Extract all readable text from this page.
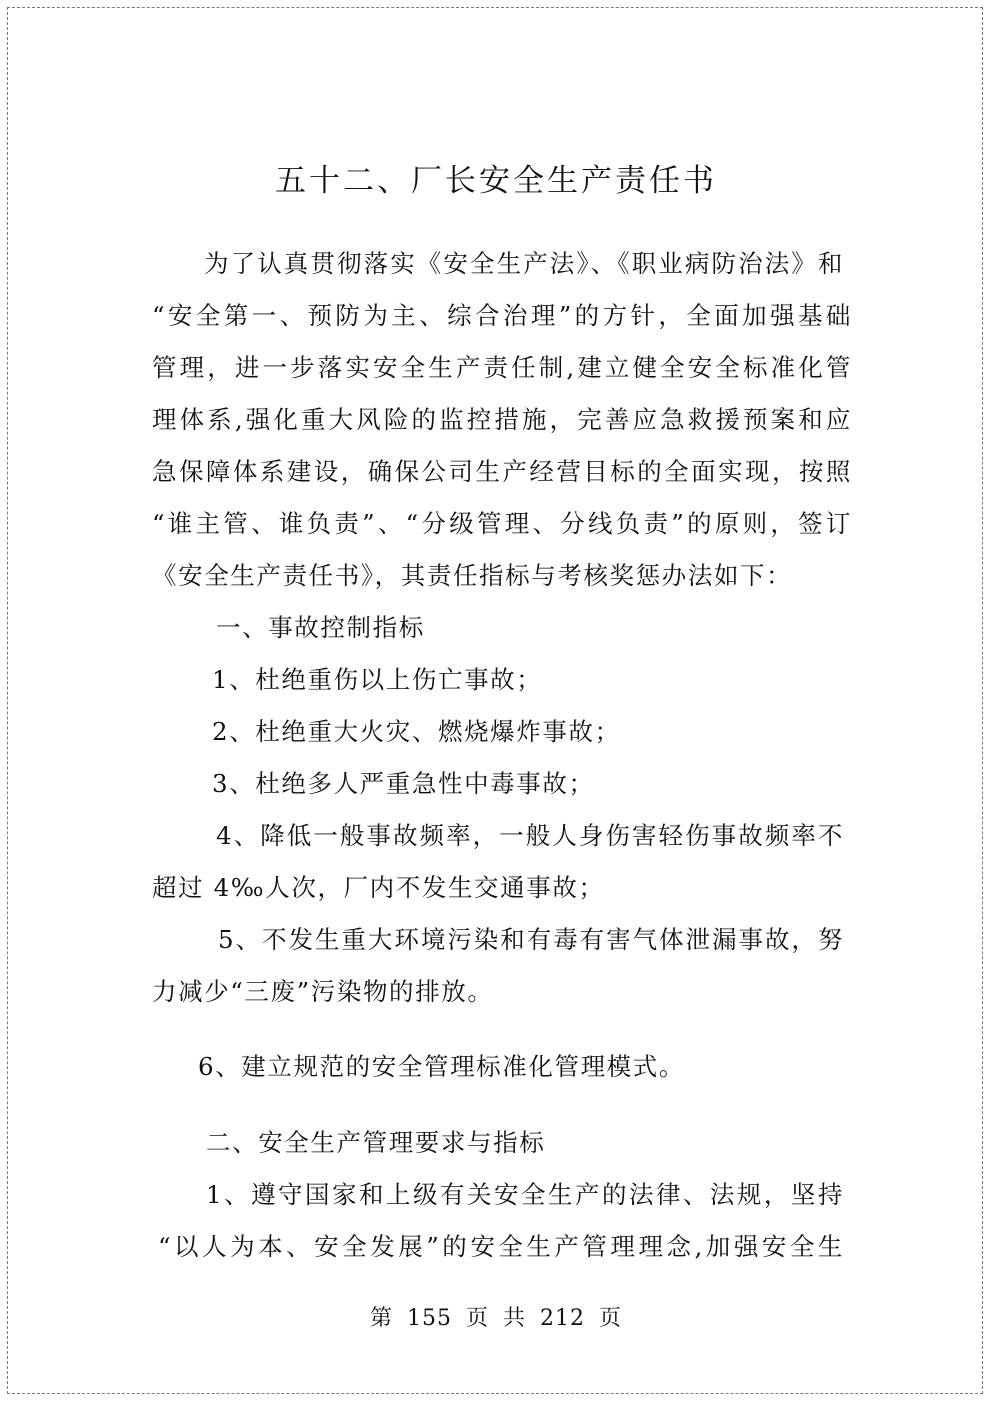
五十二、厂长安全生产责任书
为了认真贯彻落实《安全生产法》、《职业病防治法》和
“安全第一、预防为主、综合治理”的方针，全面加强基础
管理，进一步落实安全生产责任制,建立健全安全标准化管
理体系,强化重大风险的监控措施，完善应急救援预案和应
急保障体系建设，确保公司生产经营目标的全面实现，按照
“谁主管、谁负责”、“分级管理、分线负责”的原则，签订
《安全生产责任书》，其责任指标与考核奖惩办法如下：
一、事故控制指标
1、杜绝重伤以上伤亡事故；
2、杜绝重大火灾、燃烧爆炸事故；
3、杜绝多人严重急性中毒事故；
4、降低一般事故频率，一般人身伤害轻伤事故频率不
超过 4‰人次，厂内不发生交通事故；
5、不发生重大环境污染和有毒有害气体泄漏事故，努
力减少“三废”污染物的排放。
6、建立规范的安全管理标准化管理模式。
二、安全生产管理要求与指标
1、遵守国家和上级有关安全生产的法律、法规，坚持
“以人为本、安全发展”的安全生产管理理念,加强安全生
第 155 页 共 212 页
